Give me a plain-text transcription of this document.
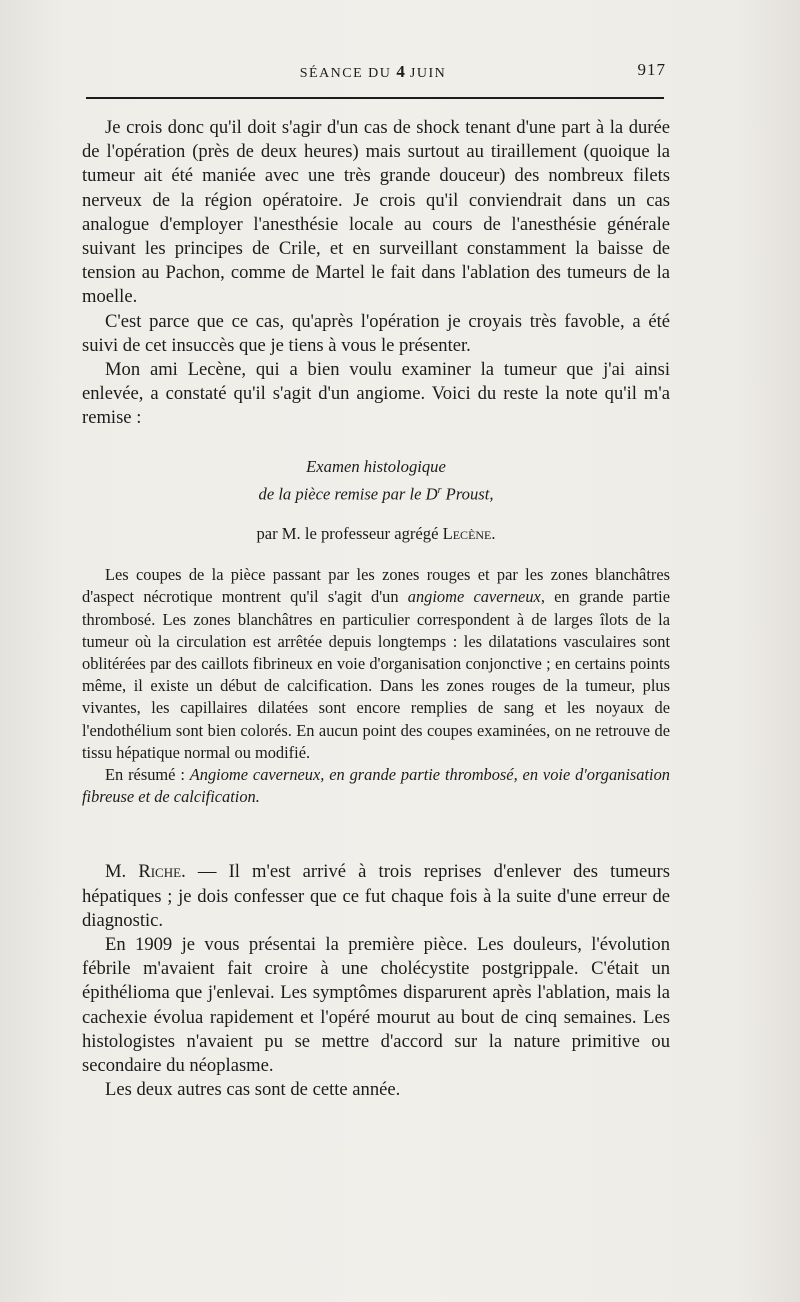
SÉANCE DU 4 JUIN	917

Je crois donc qu'il doit s'agir d'un cas de shock tenant d'une part à la durée de l'opération (près de deux heures) mais surtout au tiraillement (quoique la tumeur ait été maniée avec une très grande douceur) des nombreux filets nerveux de la région opératoire. Je crois qu'il conviendrait dans un cas analogue d'employer l'anesthésie locale au cours de l'anesthésie générale suivant les principes de Crile, et en surveillant constamment la baisse de tension au Pachon, comme de Martel le fait dans l'ablation des tumeurs de la moelle.

C'est parce que ce cas, qu'après l'opération je croyais très favoble, a été suivi de cet insuccès que je tiens à vous le présenter.

Mon ami Lecène, qui a bien voulu examiner la tumeur que j'ai ainsi enlevée, a constaté qu'il s'agit d'un angiome. Voici du reste la note qu'il m'a remise :

Examen histologique
de la pièce remise par le $D^r$ Proust,
par M. le professeur agrégé Lecène.

Les coupes de la pièce passant par les zones rouges et par les zones blanchâtres d'aspect nécrotique montrent qu'il s'agit d'un angiome caverneux, en grande partie thrombosé. Les zones blanchâtres en particulier correspondent à de larges îlots de la tumeur où la circulation est arrêtée depuis longtemps : les dilatations vasculaires sont oblitérées par des caillots fibrineux en voie d'organisation conjonctive ; en certains points même, il existe un début de calcification. Dans les zones rouges de la tumeur, plus vivantes, les capillaires dilatées sont encore remplies de sang et les noyaux de l'endothélium sont bien colorés. En aucun point des coupes examinées, on ne retrouve de tissu hépatique normal ou modifié.

En résumé : Angiome caverneux, en grande partie thrombosé, en voie d'organisation fibreuse et de calcification.

M. Riche. — Il m'est arrivé à trois reprises d'enlever des tumeurs hépatiques ; je dois confesser que ce fut chaque fois à la suite d'une erreur de diagnostic.

En 1909 je vous présentai la première pièce. Les douleurs, l'évolution fébrile m'avaient fait croire à une cholécystite postgrippale. C'était un épithélioma que j'enlevai. Les symptômes disparurent après l'ablation, mais la cachexie évolua rapidement et l'opéré mourut au bout de cinq semaines. Les histologistes n'avaient pu se mettre d'accord sur la nature primitive ou secondaire du néoplasme.

Les deux autres cas sont de cette année.
